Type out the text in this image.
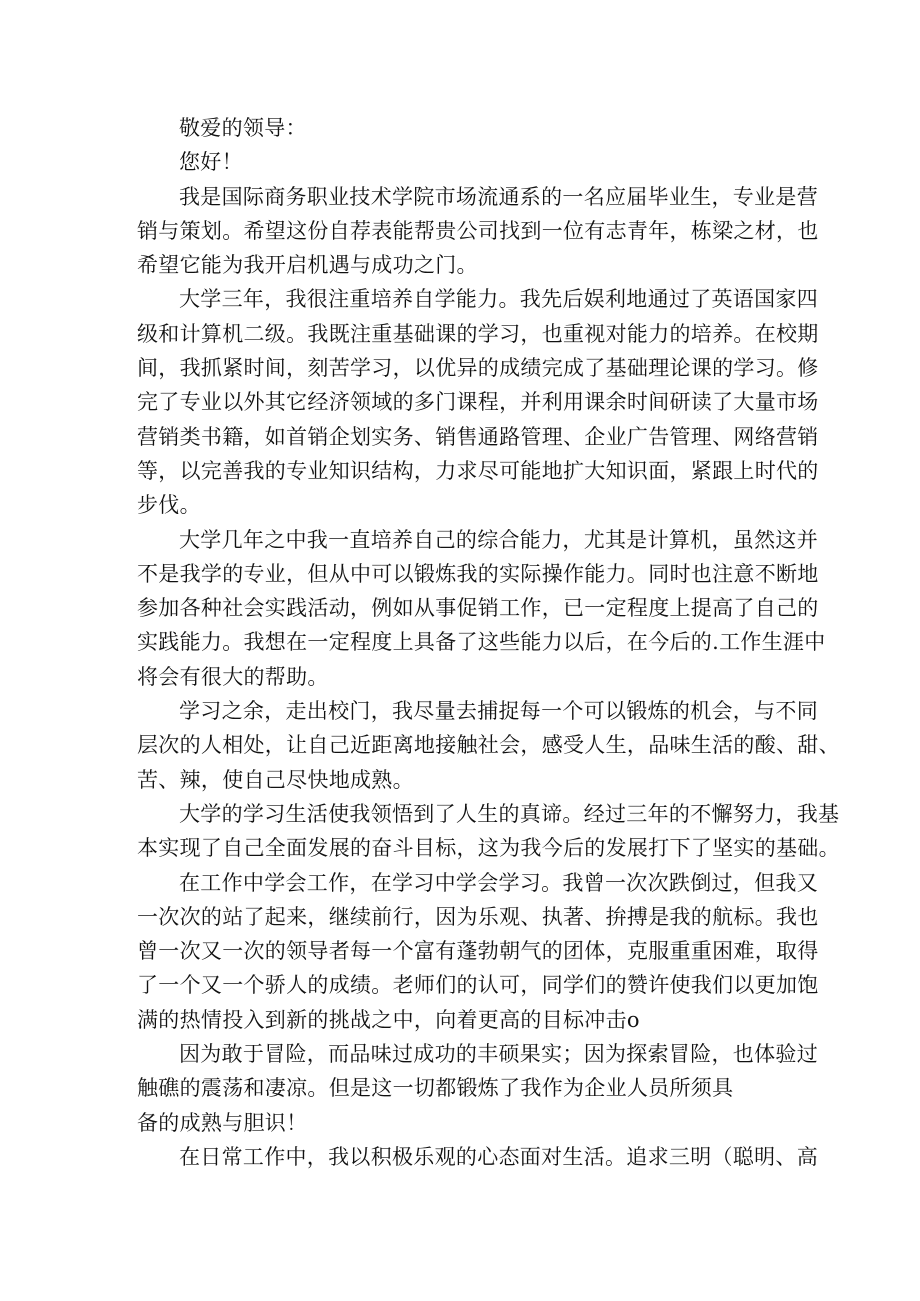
敬爱的领导：
您好！
我是国际商务职业技术学院市场流通系的一名应届毕业生，专业是营
销与策划。希望这份自荐表能帮贵公司找到一位有志青年，栋梁之材，也
希望它能为我开启机遇与成功之门。
大学三年，我很注重培养自学能力。我先后娱利地通过了英语国家四
级和计算机二级。我既注重基础课的学习，也重视对能力的培养。在校期
间，我抓紧时间，刻苦学习，以优异的成绩完成了基础理论课的学习。修
完了专业以外其它经济领域的多门课程，并利用课余时间研读了大量市场
营销类书籍，如首销企划实务、销售通路管理、企业广告管理、网络营销
等，以完善我的专业知识结构，力求尽可能地扩大知识面，紧跟上时代的
步伐。
大学几年之中我一直培养自己的综合能力，尤其是计算机，虽然这并
不是我学的专业，但从中可以锻炼我的实际操作能力。同时也注意不断地
参加各种社会实践活动，例如从事促销工作，已一定程度上提高了自己的
实践能力。我想在一定程度上具备了这些能力以后，在今后的.工作生涯中
将会有很大的帮助。
学习之余，走出校门，我尽量去捕捉每一个可以锻炼的机会，与不同
层次的人相处，让自己近距离地接触社会，感受人生，品味生活的酸、甜、
苦、辣，使自己尽快地成熟。
大学的学习生活使我领悟到了人生的真谛。经过三年的不懈努力，我基
本实现了自己全面发展的奋斗目标，这为我今后的发展打下了坚实的基础。
在工作中学会工作，在学习中学会学习。我曾一次次跌倒过，但我又
一次次的站了起来，继续前行，因为乐观、执著、拚搏是我的航标。我也
曾一次又一次的领导者每一个富有蓬勃朝气的团体，克服重重困难，取得
了一个又一个骄人的成绩。老师们的认可，同学们的赞许使我们以更加饱
满的热情投入到新的挑战之中，向着更高的目标冲击o
因为敢于冒险，而品味过成功的丰硕果实；因为探索冒险，也体验过
触礁的震荡和凄凉。但是这一切都锻炼了我作为企业人员所须具
备的成熟与胆识！
在日常工作中，我以积极乐观的心态面对生活。追求三明（聪明、高
